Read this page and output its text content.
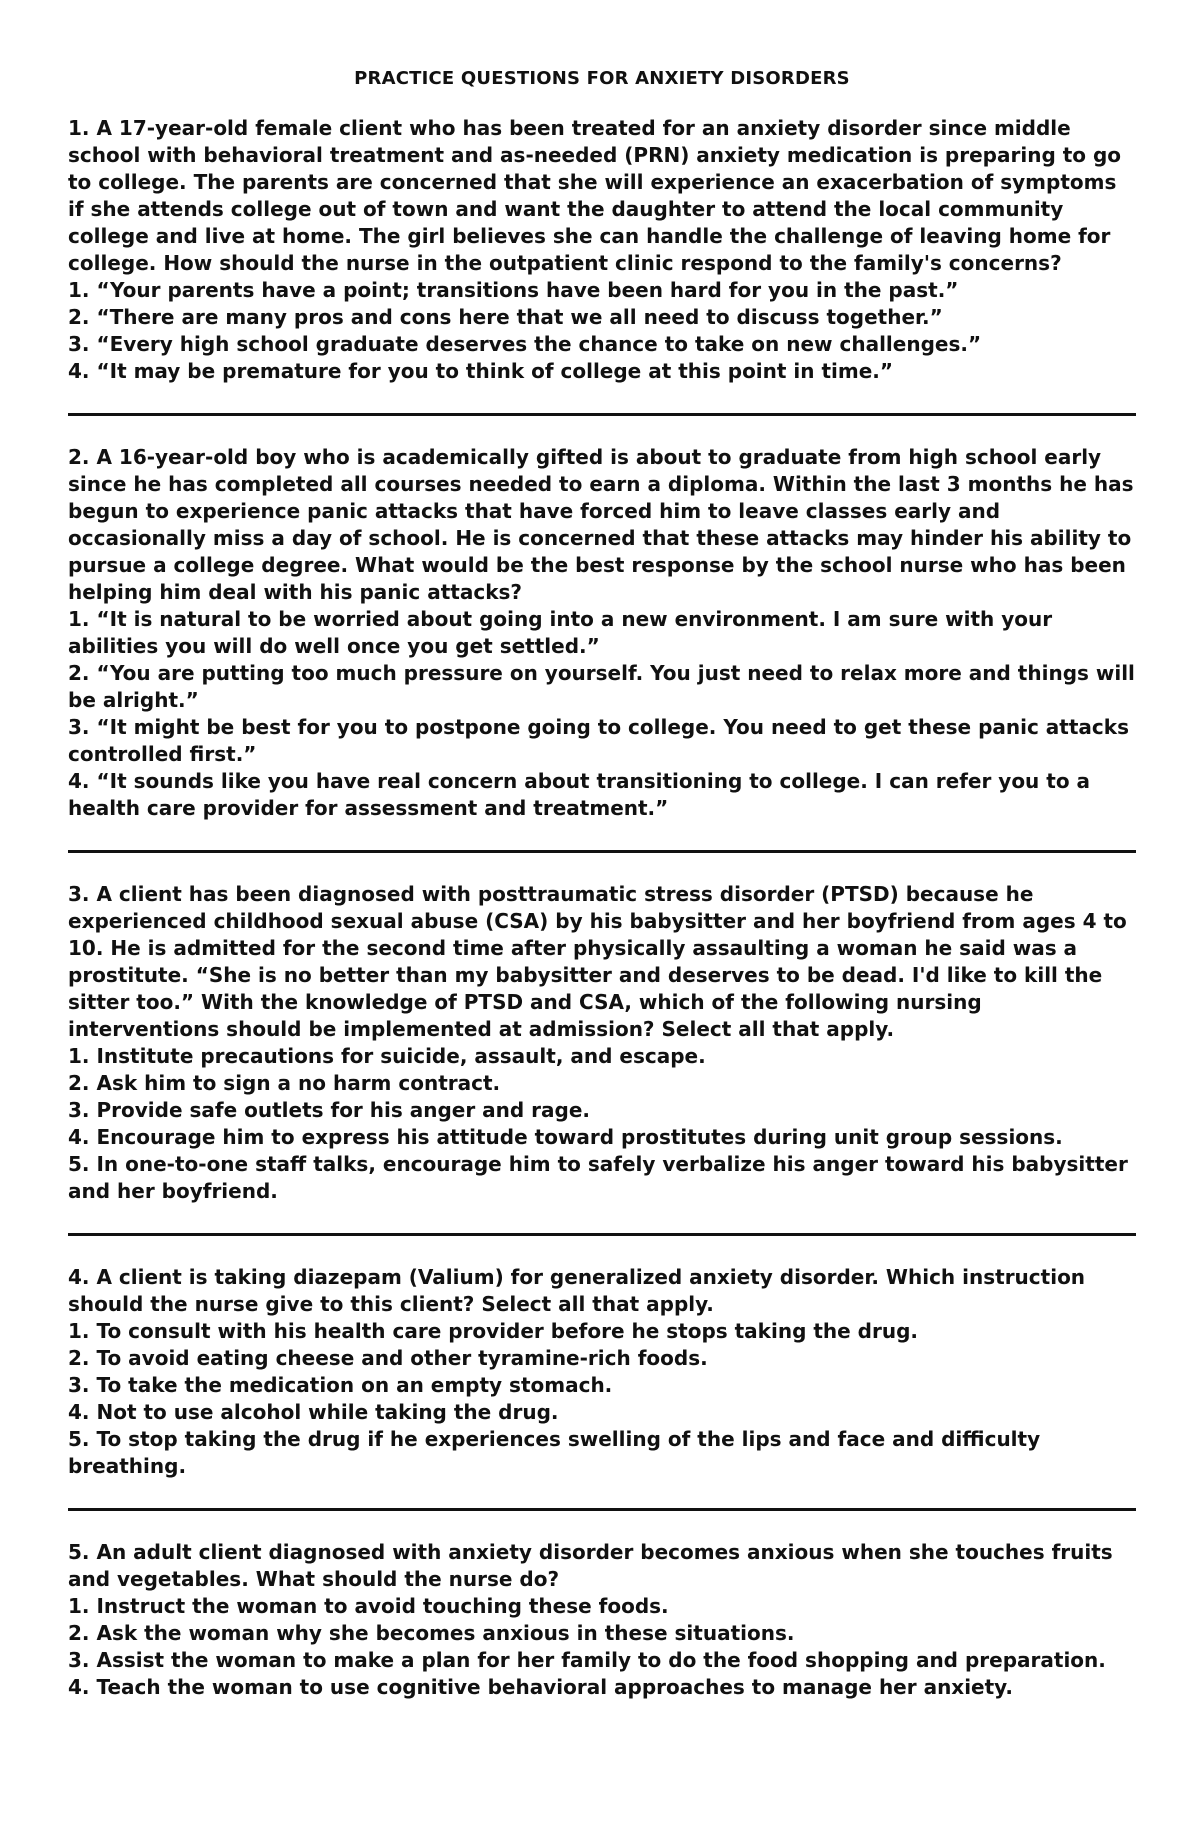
PRACTICE QUESTIONS FOR ANXIETY DISORDERS

1. A 17-year-old female client who has been treated for an anxiety disorder since middle school with behavioral treatment and as-needed (PRN) anxiety medication is preparing to go to college. The parents are concerned that she will experience an exacerbation of symptoms if she attends college out of town and want the daughter to attend the local community college and live at home. The girl believes she can handle the challenge of leaving home for college. How should the nurse in the outpatient clinic respond to the family's concerns?

1. “Your parents have a point; transitions have been hard for you in the past.”
2. “There are many pros and cons here that we all need to discuss together.”
3. “Every high school graduate deserves the chance to take on new challenges.”
4. “It may be premature for you to think of college at this point in time.”

2. A 16-year-old boy who is academically gifted is about to graduate from high school early since he has completed all courses needed to earn a diploma. Within the last 3 months he has begun to experience panic attacks that have forced him to leave classes early and occasionally miss a day of school. He is concerned that these attacks may hinder his ability to pursue a college degree. What would be the best response by the school nurse who has been helping him deal with his panic attacks?

1. “It is natural to be worried about going into a new environment. I am sure with your abilities you will do well once you get settled.”
2. “You are putting too much pressure on yourself. You just need to relax more and things will be alright.”
3. “It might be best for you to postpone going to college. You need to get these panic attacks controlled first.”
4. “It sounds like you have real concern about transitioning to college. I can refer you to a health care provider for assessment and treatment.”

3. A client has been diagnosed with posttraumatic stress disorder (PTSD) because he experienced childhood sexual abuse (CSA) by his babysitter and her boyfriend from ages 4 to 10. He is admitted for the second time after physically assaulting a woman he said was a prostitute. “She is no better than my babysitter and deserves to be dead. I'd like to kill the sitter too.” With the knowledge of PTSD and CSA, which of the following nursing interventions should be implemented at admission? Select all that apply.

1. Institute precautions for suicide, assault, and escape.
2. Ask him to sign a no harm contract.
3. Provide safe outlets for his anger and rage.
4. Encourage him to express his attitude toward prostitutes during unit group sessions.
5. In one-to-one staff talks, encourage him to safely verbalize his anger toward his babysitter and her boyfriend.

4. A client is taking diazepam (Valium) for generalized anxiety disorder. Which instruction should the nurse give to this client? Select all that apply.

1. To consult with his health care provider before he stops taking the drug.
2. To avoid eating cheese and other tyramine-rich foods.
3. To take the medication on an empty stomach.
4. Not to use alcohol while taking the drug.
5. To stop taking the drug if he experiences swelling of the lips and face and difficulty breathing.

5. An adult client diagnosed with anxiety disorder becomes anxious when she touches fruits and vegetables. What should the nurse do?

1. Instruct the woman to avoid touching these foods.
2. Ask the woman why she becomes anxious in these situations.
3. Assist the woman to make a plan for her family to do the food shopping and preparation.
4. Teach the woman to use cognitive behavioral approaches to manage her anxiety.
